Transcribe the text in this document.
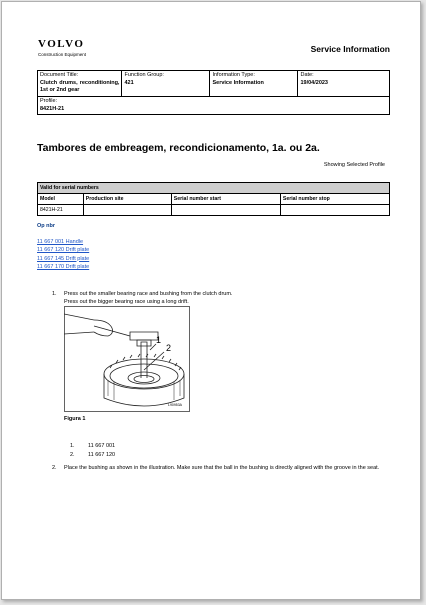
VOLVO
Construction Equipment
Service Information
Document Title:
Clutch drums, reconditioning, 1st or 2nd gear

Function Group:
421

Information Type:
Service Information

Date:
19/04/2023

Profile:
8421H-21
Tambores de embreagem, recondicionamento, 1a. ou 2a.
Showing Selected Profile
Valid for serial numbers			
Model	Production site	Serial number start	Serial number stop
8421H-21			
Op nbr
11 667 001 Handle
11 667 120 Drift plate
11 667 145 Drift plate
11 667 170 Drift plate
1. Press out the smaller bearing race and bushing from the clutch drum.
Press out the bigger bearing race using a long drift.
1
2
L90953A
Figura 1
1. 11 667 001
2. 11 667 120
2. Place the bushing as shown in the illustration. Make sure that the ball in the bushing is directly aligned with the groove in the seat.
